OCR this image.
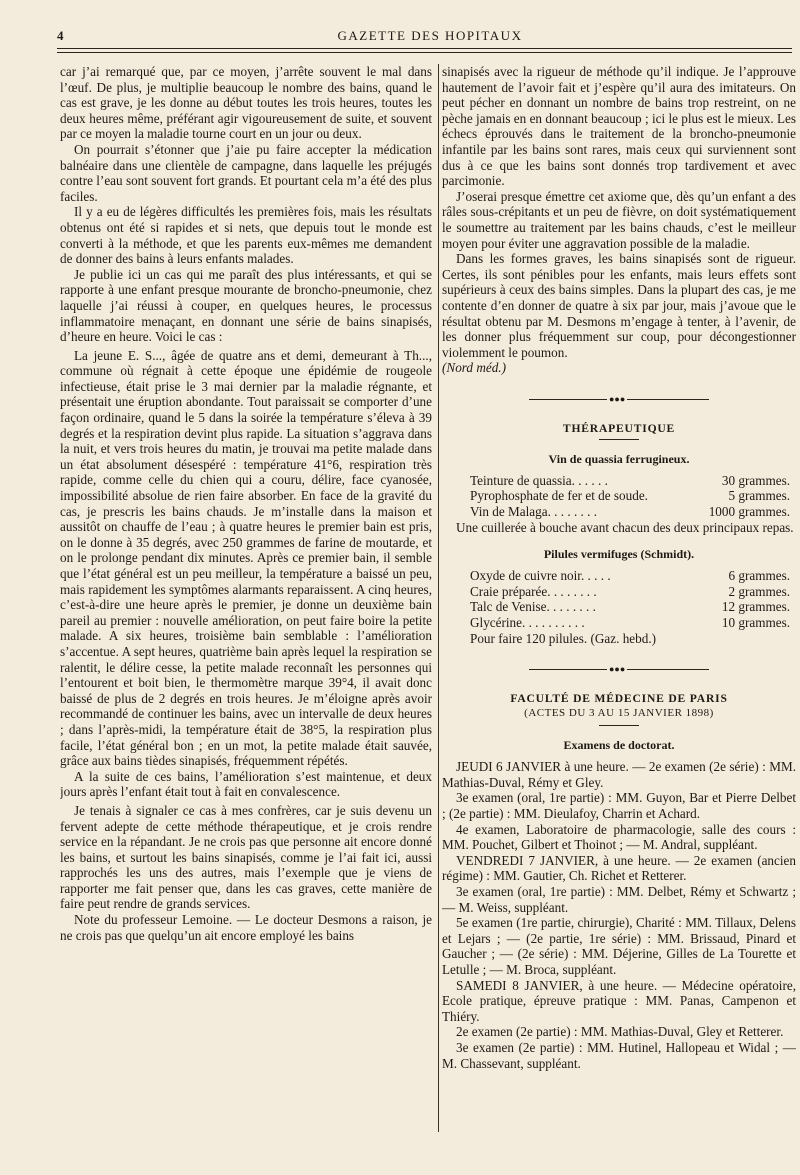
4	GAZETTE DES HOPITAUX

car j’ai remarqué que, par ce moyen, j’arrête souvent le mal dans l’œuf. De plus, je multiplie beaucoup le nombre des bains, quand le cas est grave, je les donne au début toutes les trois heures, toutes les deux heures même, préférant agir vigoureusement de suite, et souvent par ce moyen la maladie tourne court en un jour ou deux.

On pourrait s’étonner que j’aie pu faire accepter la médication balnéaire dans une clientèle de campagne, dans laquelle les préjugés contre l’eau sont souvent fort grands. Et pourtant cela m’a été des plus faciles.

Il y a eu de légères difficultés les premières fois, mais les résultats obtenus ont été si rapides et si nets, que depuis tout le monde est converti à la méthode, et que les parents eux-mêmes me demandent de donner des bains à leurs enfants malades.

Je publie ici un cas qui me paraît des plus intéressants, et qui se rapporte à une enfant presque mourante de broncho-pneumonie, chez laquelle j’ai réussi à couper, en quelques heures, le processus inflammatoire menaçant, en donnant une série de bains sinapisés, d’heure en heure. Voici le cas :

La jeune E. S..., âgée de quatre ans et demi, demeurant à Th..., commune où régnait à cette époque une épidémie de rougeole infectieuse, était prise le 3 mai dernier par la maladie régnante, et présentait une éruption abondante. Tout paraissait se comporter d’une façon ordinaire, quand le 5 dans la soirée la température s’éleva à 39 degrés et la respiration devint plus rapide. La situation s’aggrava dans la nuit, et vers trois heures du matin, je trouvai ma petite malade dans un état absolument désespéré : température 41°6, respiration très rapide, comme celle du chien qui a couru, délire, face cyanosée, impossibilité absolue de rien faire absorber. En face de la gravité du cas, je prescris les bains chauds. Je m’installe dans la maison et aussitôt on chauffe de l’eau ; à quatre heures le premier bain est pris, on le donne à 35 degrés, avec 250 grammes de farine de moutarde, et on le prolonge pendant dix minutes. Après ce premier bain, il semble que l’état général est un peu meilleur, la température a baissé un peu, mais rapidement les symptômes alarmants reparaissent. A cinq heures, c’est-à-dire une heure après le premier, je donne un deuxième bain pareil au premier : nouvelle amélioration, on peut faire boire la petite malade. A six heures, troisième bain semblable : l’amélioration s’accentue. A sept heures, quatrième bain après lequel la respiration se ralentit, le délire cesse, la petite malade reconnaît les personnes qui l’entourent et boit bien, le thermomètre marque 39°4, il avait donc baissé de plus de 2 degrés en trois heures. Je m’éloigne après avoir recommandé de continuer les bains, avec un intervalle de deux heures ; dans l’après-midi, la température était de 38°5, la respiration plus facile, l’état général bon ; en un mot, la petite malade était sauvée, grâce aux bains tièdes sinapisés, fréquemment répétés.

A la suite de ces bains, l’amélioration s’est maintenue, et deux jours après l’enfant était tout à fait en convalescence.

Je tenais à signaler ce cas à mes confrères, car je suis devenu un fervent adepte de cette méthode thérapeutique, et je crois rendre service en la répandant. Je ne crois pas que personne ait encore donné les bains, et surtout les bains sinapisés, comme je l’ai fait ici, aussi rapprochés les uns des autres, mais l’exemple que je viens de rapporter me fait penser que, dans les cas graves, cette manière de faire peut rendre de grands services.

Note du professeur Lemoine. — Le docteur Desmons a raison, je ne crois pas que quelqu’un ait encore employé les bains

sinapisés avec la rigueur de méthode qu’il indique. Je l’approuve hautement de l’avoir fait et j’espère qu’il aura des imitateurs. On peut pécher en donnant un nombre de bains trop restreint, on ne pèche jamais en en donnant beaucoup ; ici le plus est le mieux. Les échecs éprouvés dans le traitement de la broncho-pneumonie infantile par les bains sont rares, mais ceux qui surviennent sont dus à ce que les bains sont donnés trop tardivement et avec parcimonie.

J’oserai presque émettre cet axiome que, dès qu’un enfant a des râles sous-crépitants et un peu de fièvre, on doit systématiquement le soumettre au traitement par les bains chauds, c’est le meilleur moyen pour éviter une aggravation possible de la maladie.

Dans les formes graves, les bains sinapisés sont de rigueur. Certes, ils sont pénibles pour les enfants, mais leurs effets sont supérieurs à ceux des bains simples. Dans la plupart des cas, je me contente d’en donner de quatre à six par jour, mais j’avoue que le résultat obtenu par M. Desmons m’engage à tenter, à l’avenir, de les donner plus fréquemment sur coup, pour décongestionner violemment le poumon.

(Nord méd.)

●●●
THÉRAPEUTIQUE
Vin de quassia ferrugineux.
Teinture de quassia. . . . . .	30 grammes.
Pyrophosphate de fer et de soude.	5 grammes.
Vin de Malaga. . . . . . . .	1000 grammes.

Une cuillerée à bouche avant chacun des deux principaux repas.

Pilules vermifuges (Schmidt).
Oxyde de cuivre noir. . . . .	6 grammes.
Craie préparée. . . . . . . .	2 grammes.
Talc de Venise. . . . . . . .	12 grammes.
Glycérine. . . . . . . . . .	10 grammes.
Pour faire 120 pilules. (Gaz. hebd.)
●●●
FACULTÉ DE MÉDECINE DE PARIS
(ACTES DU 3 AU 15 JANVIER 1898)
Examens de doctorat.

JEUDI 6 JANVIER à une heure. — 2e examen (2e série) : MM. Mathias-Duval, Rémy et Gley.

3e examen (oral, 1re partie) : MM. Guyon, Bar et Pierre Delbet ; (2e partie) : MM. Dieulafoy, Charrin et Achard.

4e examen, Laboratoire de pharmacologie, salle des cours : MM. Pouchet, Gilbert et Thoinot ; — M. Andral, suppléant.

VENDREDI 7 JANVIER, à une heure. — 2e examen (ancien régime) : MM. Gautier, Ch. Richet et Retterer.

3e examen (oral, 1re partie) : MM. Delbet, Rémy et Schwartz ; — M. Weiss, suppléant.

5e examen (1re partie, chirurgie), Charité : MM. Tillaux, Delens et Lejars ; — (2e partie, 1re série) : MM. Brissaud, Pinard et Gaucher ; — (2e série) : MM. Déjerine, Gilles de La Tourette et Letulle ; — M. Broca, suppléant.

SAMEDI 8 JANVIER, à une heure. — Médecine opératoire, Ecole pratique, épreuve pratique : MM. Panas, Campenon et Thiéry.

2e examen (2e partie) : MM. Mathias-Duval, Gley et Retterer.

3e examen (2e partie) : MM. Hutinel, Hallopeau et Widal ; — M. Chassevant, suppléant.
